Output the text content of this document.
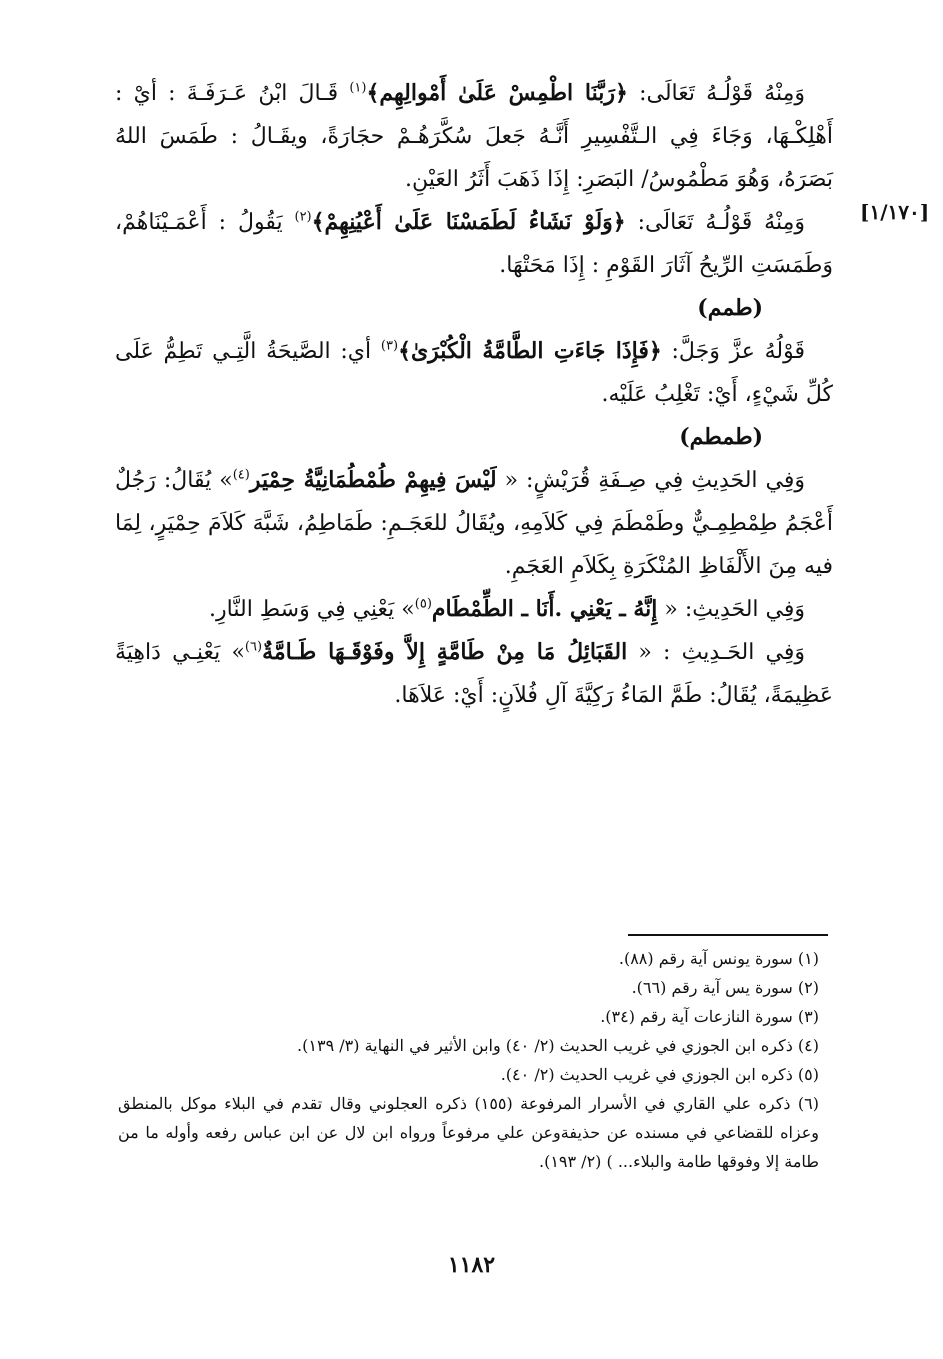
[١/١٧٠]

وَمِنْهُ قَوْلُـهُ تَعَالَى: ﴿رَبَّنَا اطْمِسْ عَلَىٰ أَمْوالِهِم﴾$^{(١)}$ قَـالَ ابْنُ عَـرَفَـةَ : أيْ : أَهْلِكْـهَا، وَجَاءَ فِي الـتَّفْسِيرِ أَنَّـهُ جَعلَ سُكَّرَهُـمْ حجَارَةً، ويقَـالُ : طَمَسَ اللهُ بَصَرَهُ، وَهُوَ مَطْمُوسُ/ البَصَرِ: إِذَا ذَهَبَ أَثَرُ العَيْنِ.

وَمِنْهُ قَوْلُـهُ تَعَالَى: ﴿وَلَوْ نَشَاءُ لَطَمَسْنَا عَلَىٰ أَعْيُنِهِمْ﴾$^{(٢)}$ يَقُولُ : أَعْمَـيْنَاهُمْ، وَطَمَسَتِ الرِّيحُ آثَارَ القَوْمِ : إِذَا مَحَتْهَا.

(طمم)

قَوْلُهُ عزَّ وَجَلَّ: ﴿فَإِذَا جَاءَتِ الطَّامَّةُ الْكُبْرَىٰ﴾$^{(٣)}$ أي: الصَّيحَةُ الَّتِـي تَطِمُّ عَلَى كُلِّ شَيْءٍ، أَيْ: تَغْلِبُ عَلَيْه.

(طمطم)

وَفِي الحَدِيثِ فِي صِـفَةِ قُرَيْشٍ: « لَيْسَ فِيهِمْ طُمْطُمَانِيَّةُ حِمْيَر$^{(٤)}$» يُقَالُ: رَجُلٌ أَعْجَمُ طِمْطِمِـيٌّ وطَمْطَمَ فِي كَلاَمِهِ، ويُقَالُ للعَجَـمِ: طَمَاطِمُ، شَبَّهَ كَلاَمَ حِمْيَرٍ، لِمَا فيه مِنَ الأَلْفَاظِ المُنْكَرَةِ بِكَلاَمِ العَجَمِ.

وَفِي الحَدِيثِ: « إِنَّهُ ـ يَعْنِي .أَنَا ـ الطِّمْطَام$^{(٥)}$» يَعْنِي فِي وَسَطِ النَّارِ.

وَفِي الحَـدِيثِ : « القَبَائِلُ مَا مِنْ طَامَّةٍ إِلاَّ وفَوْقَـهَا طَـامَّةٌ$^{(٦)}$» يَعْنِـي دَاهِيَةً عَظِيمَةً، يُقَالُ: طَمَّ المَاءُ رَكِيَّةَ آلِ فُلاَنٍ: أَيْ: عَلاَهَا.

(١) سورة يونس آية رقم (٨٨).

(٢) سورة يس آية رقم (٦٦).

(٣) سورة النازعات آية رقم (٣٤).

(٤) ذكره ابن الجوزي في غريب الحديث (٢/ ٤٠) وابن الأثير في النهاية (٣/ ١٣٩).

(٥) ذكره ابن الجوزي في غريب الحديث (٢/ ٤٠).

(٦) ذكره علي القاري في الأسرار المرفوعة (١٥٥) ذكره العجلوني وقال تقدم في البلاء موكل بالمنطق وعزاه للقضاعي في مسنده عن حذيفةوعن علي مرفوعاً ورواه ابن لال عن ابن عباس رفعه وأوله ما من طامة إلا وفوقها طامة والبلاء... ) (٢/ ١٩٣).

١١٨٢
